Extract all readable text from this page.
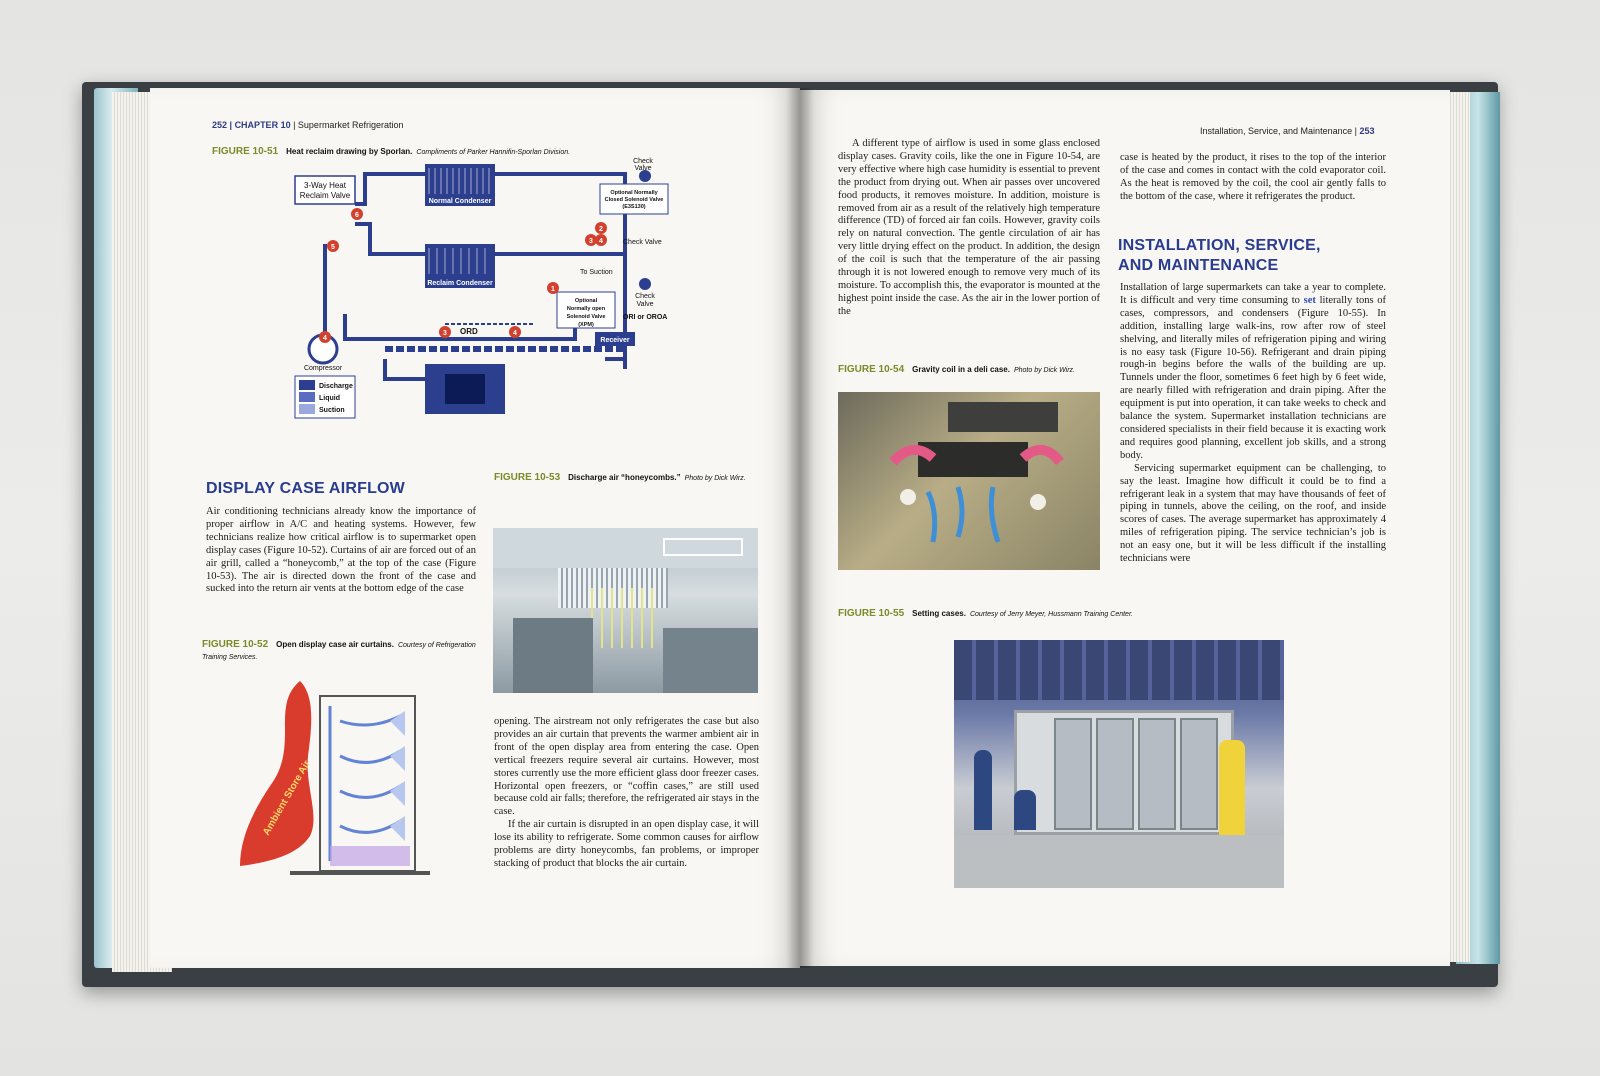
252 | CHAPTER 10 | Supermarket Refrigeration
FIGURE 10-51 Heat reclaim drawing by Sporlan. Compliments of Parker Hannifin-Sporlan Division.
3-Way Heat
Reclaim Valve
Normal Condenser
Reclaim Condenser
Optional Normally
Closed Solenoid Valve
(E3S130)
Optional
Normally open
Solenoid Valve
(XPM)
Check
Valve
Check
Valve
Check Valve
To Suction
ORI or OROA
ORD
Receiver
Compressor
Discharge
Liquid
Suction
1
2
3 4
3	4
4
5
6
DISPLAY CASE AIRFLOW

Air conditioning technicians already know the importance of proper airflow in A/C and heating systems. However, few technicians realize how critical airflow is to supermarket open display cases (Figure 10-52). Curtains of air are forced out of an air grill, called a “honeycomb,” at the top of the case (Figure 10-53). The air is directed down the front of the case and sucked into the return air vents at the bottom edge of the case

FIGURE 10-52 Open display case air curtains. Courtesy of Refrigeration Training Services.
Ambient Store Air
FIGURE 10-53 Discharge air “honeycombs.” Photo by Dick Wirz.

opening. The airstream not only refrigerates the case but also provides an air curtain that prevents the warmer ambient air in front of the open display area from entering the case. Open vertical freezers require several air curtains. However, most stores currently use the more efficient glass door freezer cases. Horizontal open freezers, or “coffin cases,” are still used because cold air falls; therefore, the refrigerated air stays in the case.

If the air curtain is disrupted in an open display case, it will lose its ability to refrigerate. Some common causes for airflow problems are dirty honeycombs, fan problems, or improper stacking of product that blocks the air curtain.

Installation, Service, and Maintenance | 253

A different type of airflow is used in some glass enclosed display cases. Gravity coils, like the one in Figure 10-54, are very effective where high case humidity is essential to prevent the product from drying out. When air passes over uncovered food products, it removes moisture. In addition, moisture is removed from air as a result of the relatively high temperature difference (TD) of forced air fan coils. However, gravity coils rely on natural convection. The gentle circulation of air has very little drying effect on the product. In addition, the design of the coil is such that the temperature of the air passing through it is not lowered enough to remove very much of its moisture. To accomplish this, the evaporator is mounted at the highest point inside the case. As the air in the lower portion of the

case is heated by the product, it rises to the top of the interior of the case and comes in contact with the cold evaporator coil. As the heat is removed by the coil, the cool air gently falls to the bottom of the case, where it refrigerates the product.

INSTALLATION, SERVICE,
AND MAINTENANCE

Installation of large supermarkets can take a year to complete. It is difficult and very time consuming to set literally tons of cases, compressors, and condensers (Figure 10-55). In addition, installing large walk-ins, row after row of steel shelving, and literally miles of refrigeration piping and wiring is no easy task (Figure 10-56). Refrigerant and drain piping rough-in begins before the walls of the building are up. Tunnels under the floor, sometimes 6 feet high by 6 feet wide, are nearly filled with refrigeration and drain piping. After the equipment is put into operation, it can take weeks to check and balance the system. Supermarket installation technicians are considered specialists in their field because it is exacting work and requires good planning, excellent job skills, and a strong body.

Servicing supermarket equipment can be challenging, to say the least. Imagine how difficult it could be to find a refrigerant leak in a system that may have thousands of feet of piping in tunnels, above the ceiling, on the roof, and inside scores of cases. The average supermarket has approximately 4 miles of refrigeration piping. The service technician’s job is not an easy one, but it will be less difficult if the installing technicians were

FIGURE 10-54 Gravity coil in a deli case. Photo by Dick Wirz.
FIGURE 10-55 Setting cases. Courtesy of Jerry Meyer, Hussmann Training Center.
